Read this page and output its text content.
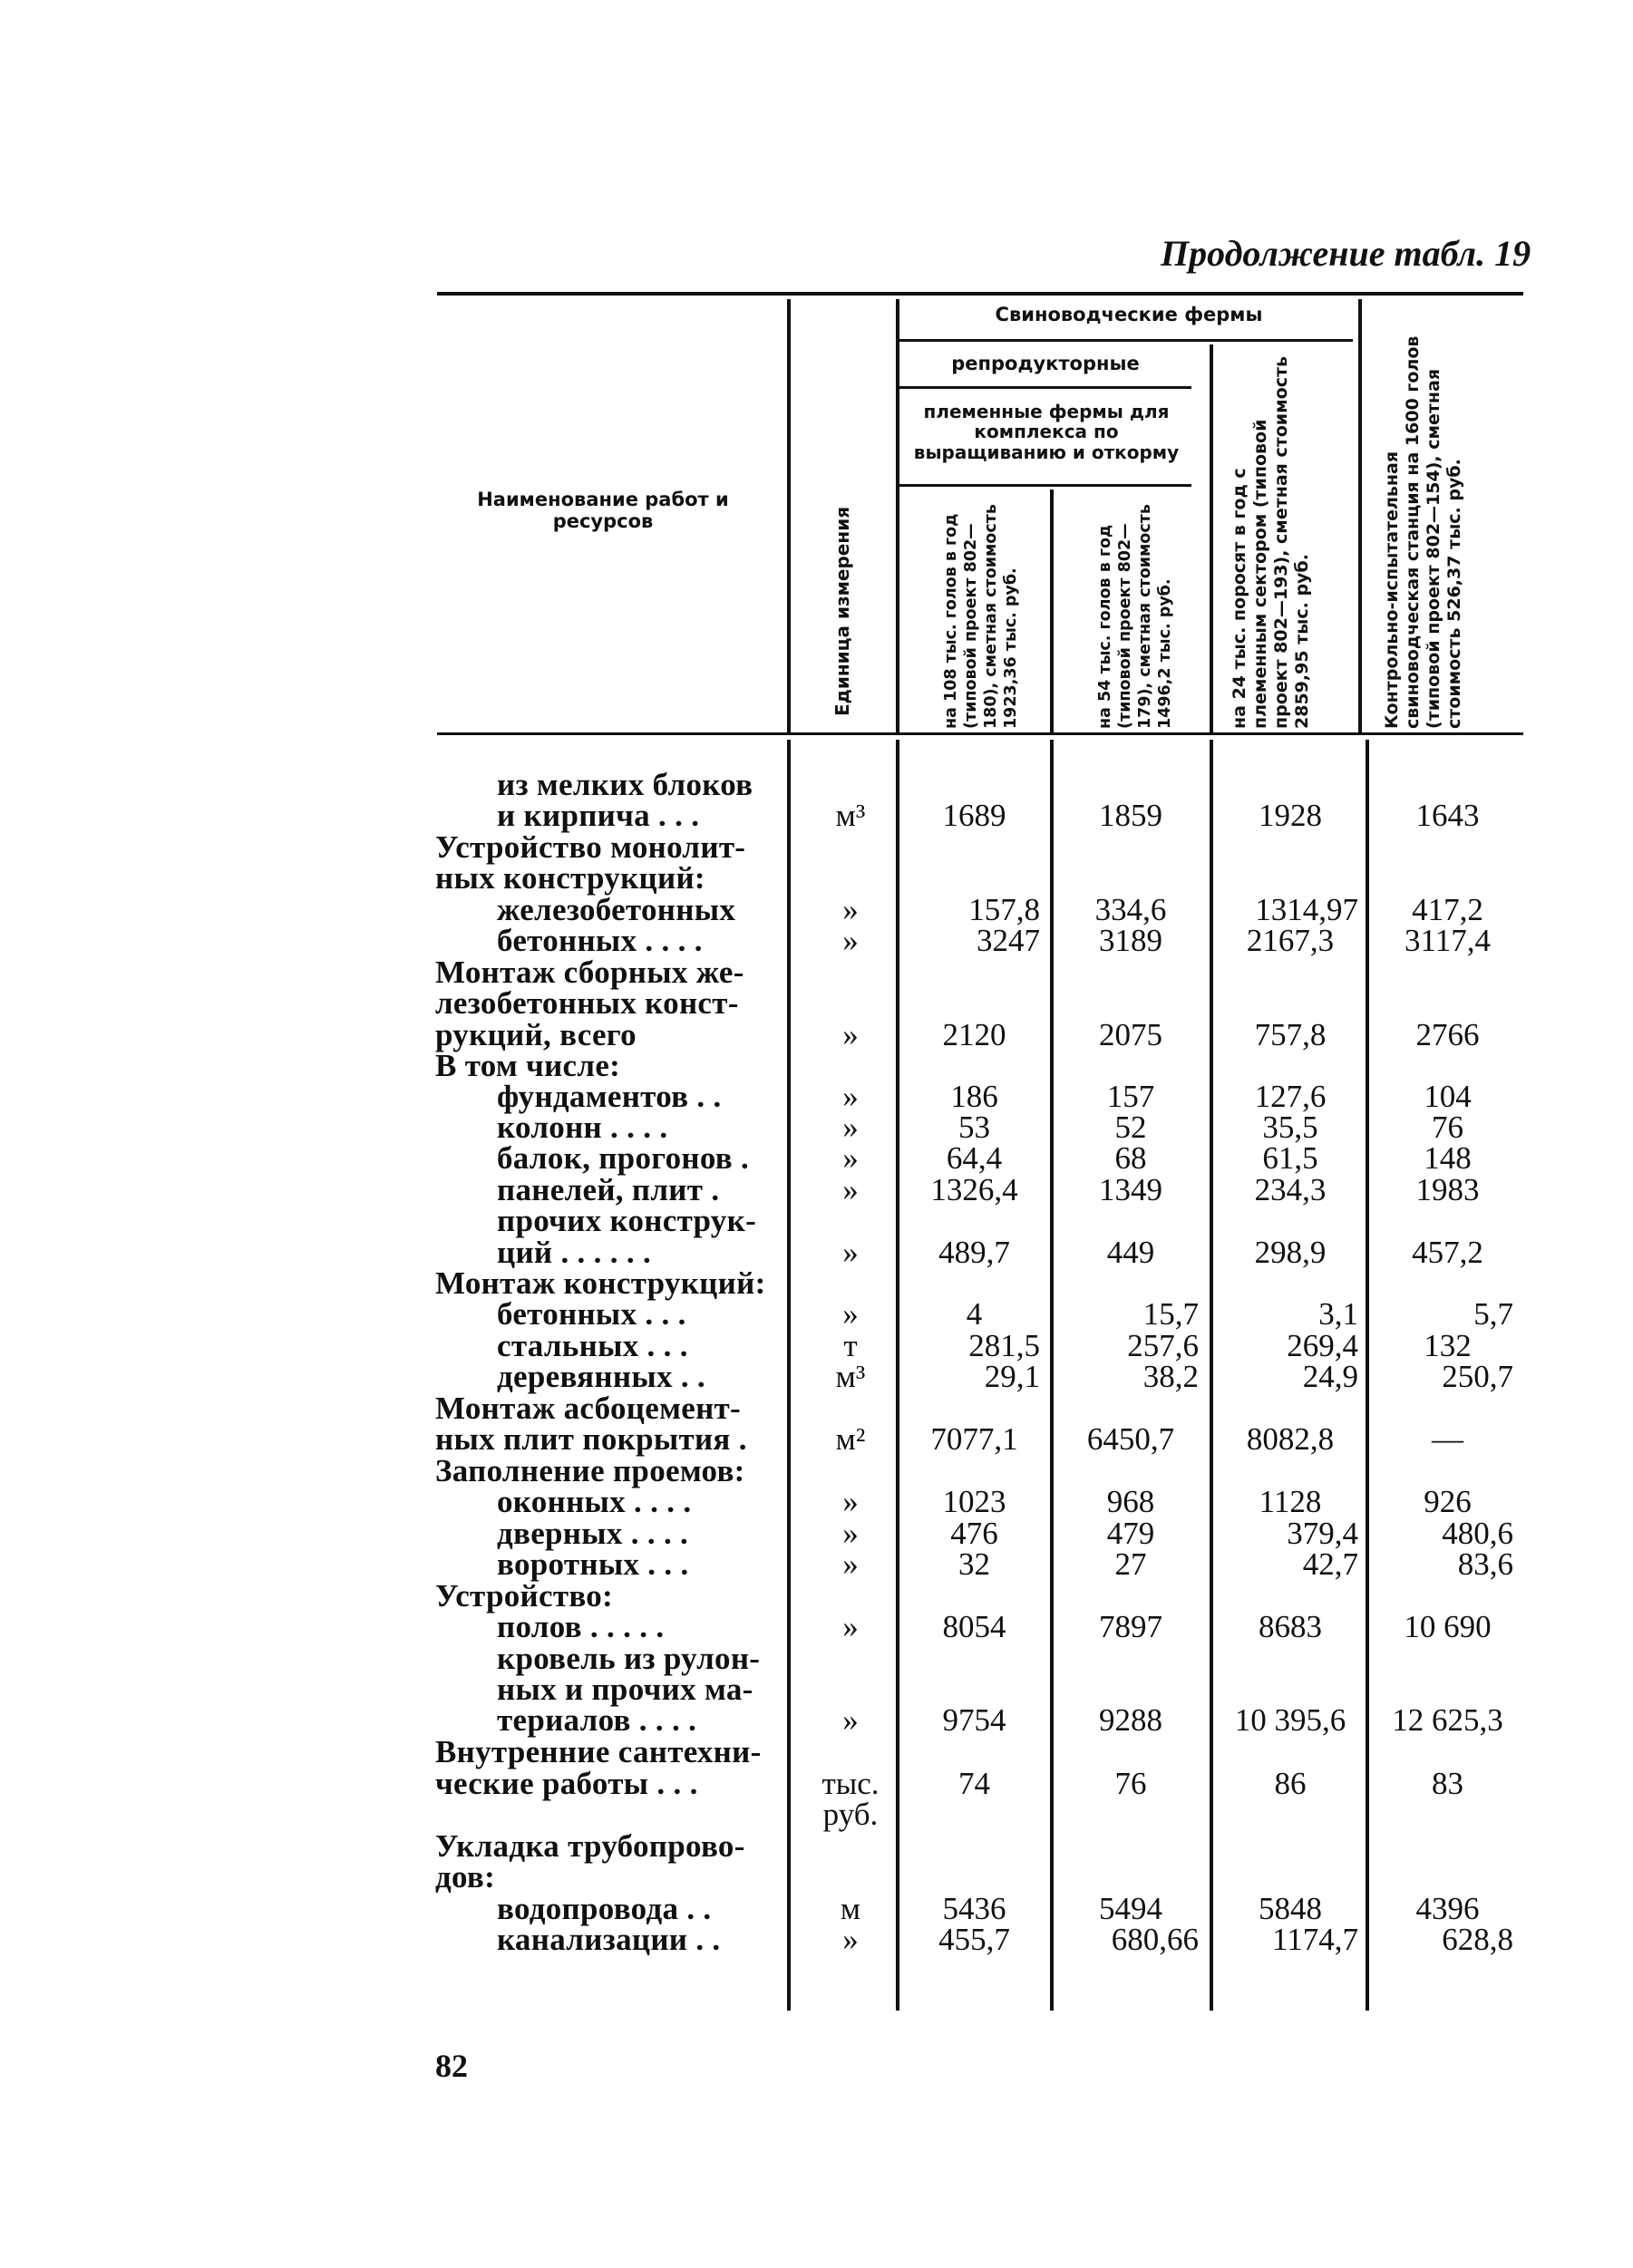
Продолжение табл. 19
Наименование работ и ресурсов	Единица измерения
Свиноводческие фермы
репродукторные
племенные фермы для комплекса по выращиванию и откорму
на 108 тыс. голов в год (типовой проект 802—180), сметная стоимость 1923,36 тыс. руб.	на 54 тыс. голов в год (типовой проект 802—179), сметная стоимость 1496,2 тыс. руб.	на 24 тыс. поросят в год с племенным сектором (типовой проект 802—193), сметная стоимость 2859,95 тыс. руб.	Контрольно-испытательная свиноводческая станция на 1600 голов (типовой проект 802—154), сметная стоимость 526,37 тыс. руб.
из мелких блоков
и кирпича . . .	м³	1689	1859	1928	1643
Устройство монолит-
ных конструкций:
железобетонных	»	157,8	334,6	1314,97	417,2
бетонных . . . .	»	3247	3189	2167,3	3117,4
Монтаж сборных же-
лезобетонных конст-
рукций, всего	»	2120	2075	757,8	2766
В том числе:
фундаментов . .	»	186	157	127,6	104
колонн . . . .	»	53	52	35,5	76
балок, прогонов .	»	64,4	68	61,5	148
панелей, плит .	»	1326,4	1349	234,3	1983
прочих конструк-
ций . . . . . .	»	489,7	449	298,9	457,2
Монтаж конструкций:
бетонных . . .	»	4	15,7	3,1	5,7
стальных . . .	т	281,5	257,6	269,4	132
деревянных . .	м³	29,1	38,2	24,9	250,7
Монтаж асбоцемент-
ных плит покрытия .	м²	7077,1	6450,7	8082,8	—
Заполнение проемов:
оконных . . . .	»	1023	968	1128	926
дверных . . . .	»	476	479	379,4	480,6
воротных . . .	»	32	27	42,7	83,6
Устройство:
полов . . . . .	»	8054	7897	8683	10 690
кровель из рулон-
ных и прочих ма-
териалов . . . .	»	9754	9288	10 395,6	12 625,3
Внутренние сантехни-
ческие работы . . .	тыс.	74	76	86	83
руб.
Укладка трубопрово-
дов:
водопровода . .	м	5436	5494	5848	4396
канализации . .	»	455,7	680,66	1174,7	628,8
82
